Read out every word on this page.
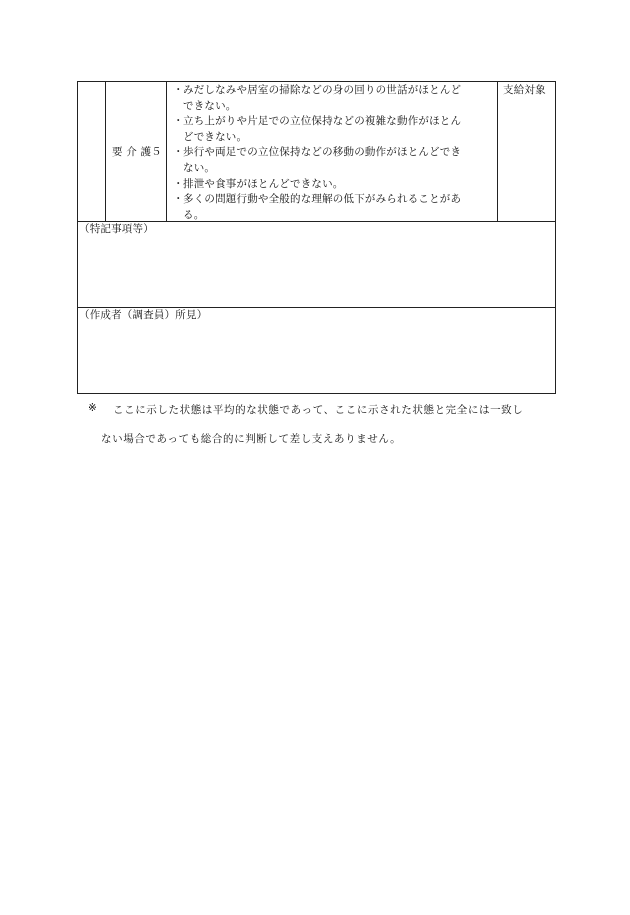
要 介 護５
・ みだしなみや居室の掃除などの身の回りの世話がほとんど
できない。
・ 立ち上がりや片足での立位保持などの複雑な動作がほとん
どできない。
・ 歩行や両足での立位保持などの移動の動作がほとんどでき
ない。
・ 排泄や食事がほとんどできない。
・ 多くの問題行動や全般的な理解の低下がみられることがあ
る。
支給対象
（特記事項等）
（作成者（調査員）所見）
※ ここに示した状態は平均的な状態であって、ここに示された状態と完全には一致し
ない場合であっても総合的に判断して差し支えありません。
